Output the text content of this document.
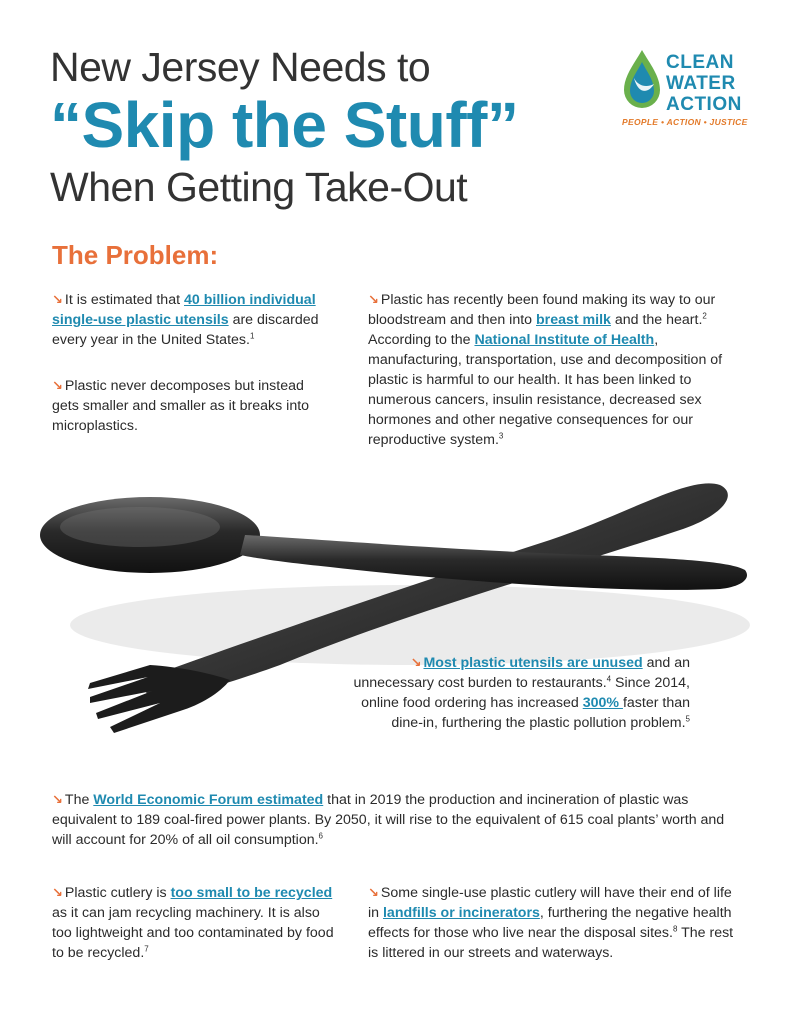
New Jersey Needs to
“Skip the Stuff”
When Getting Take-Out
CLEAN
WATER
ACTION
PEOPLE • ACTION • JUSTICE
The Problem:

↘ It is estimated that 40 billion individual single-use plastic utensils are discarded every year in the United States.$^1$

↘ Plastic never decomposes but instead gets smaller and smaller as it breaks into microplastics.

↘ Plastic has recently been found making its way to our bloodstream and then into breast milk and the heart.$^2$ According to the National Institute of Health, manufacturing, transportation, use and decomposition of plastic is harmful to our health. It has been linked to numerous cancers, insulin resistance, decreased sex hormones and other negative consequences for our reproductive system.$^3$

↘ Most plastic utensils are unused and an unnecessary cost burden to restaurants.$^4$ Since 2014, online food ordering has increased 300% faster than dine-in, furthering the plastic pollution problem.$^5$

↘ The World Economic Forum estimated that in 2019 the production and incineration of plastic was equivalent to 189 coal-fired power plants. By 2050, it will rise to the equivalent of 615 coal plants’ worth and will account for 20% of all oil consumption.$^6$

↘ Plastic cutlery is too small to be recycled as it can jam recycling machinery. It is also too lightweight and too contaminated by food to be recycled.$^7$

↘ Some single-use plastic cutlery will have their end of life in landfills or incinerators, furthering the negative health effects for those who live near the disposal sites.$^8$ The rest is littered in our streets and waterways.
